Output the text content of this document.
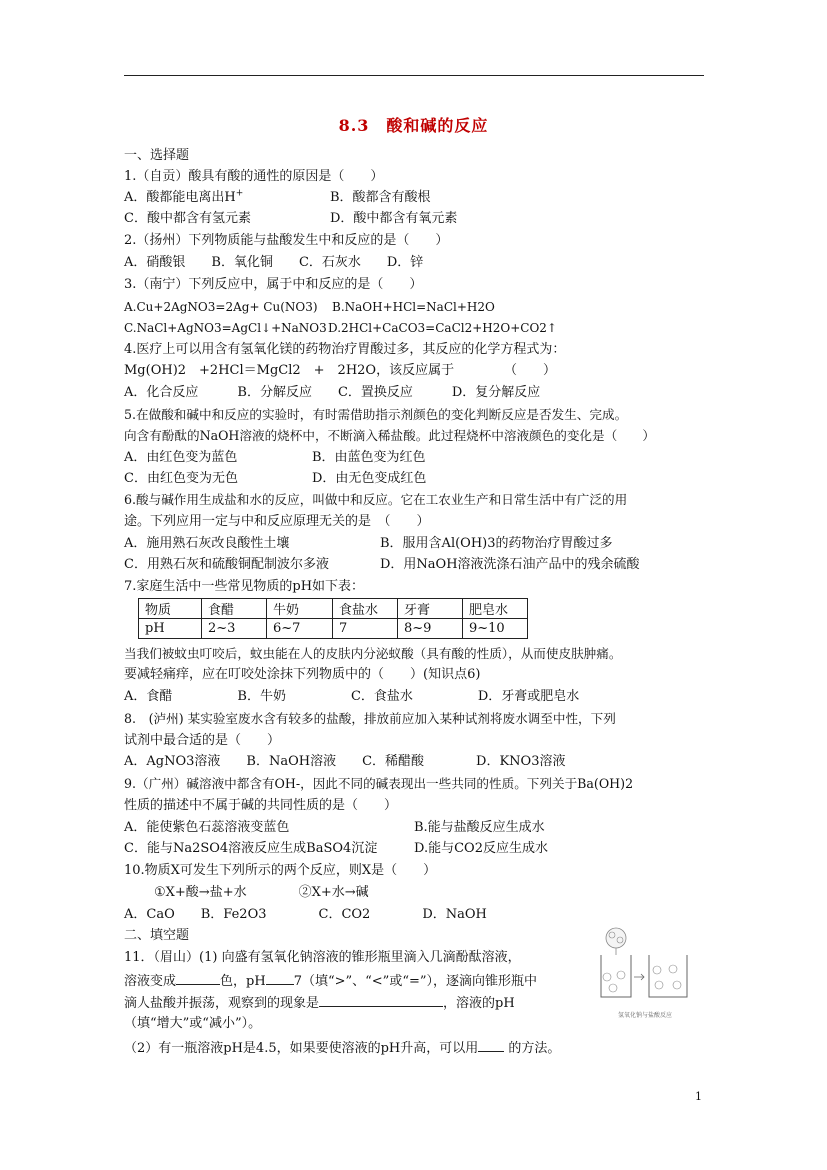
8.3　酸和碱的反应
一、选择题
1.（自贡）酸具有酸的通性的原因是（　　）
A．酸都能电离出H+	B．酸都含有酸根
C．酸中都含有氢元素	D．酸中都含有氧元素
2.（扬州）下列物质能与盐酸发生中和反应的是（　　）
A．硝酸银　　B．氧化铜　　C．石灰水　　D．锌
3.（南宁）下列反应中，属于中和反应的是（　　）
A.Cu+2AgNO3=2Ag+ Cu(NO3) B.NaOH+HCl=NaCl+H2O
C.NaCl+AgNO3=AgCl↓+NaNO3 D.2HCl+CaCO3=CaCl2+H2O+CO2↑
4.医疗上可以用含有氢氧化镁的药物治疗胃酸过多，其反应的化学方程式为：
Mg(OH)2　+2HCl＝MgCl2　+　2H2O，该反应属于	（　　）
A．化合反应　　　B．分解反应　　C．置换反应　　　D．复分解反应
5.在做酸和碱中和反应的实验时，有时需借助指示剂颜色的变化判断反应是否发生、完成。
向含有酚酞的NaOH溶液的烧杯中，不断滴入稀盐酸。此过程烧杯中溶液颜色的变化是（　　）
A．由红色变为蓝色	B．由蓝色变为红色
C．由红色变为无色	D．由无色变成红色
6.酸与碱作用生成盐和水的反应，叫做中和反应。它在工农业生产和日常生活中有广泛的用
途。下列应用一定与中和反应原理无关的是　（　　）
A．施用熟石灰改良酸性土壤	B．服用含Al(OH)3的药物治疗胃酸过多
C．用熟石灰和硫酸铜配制波尔多液	D．用NaOH溶液洗涤石油产品中的残余硫酸
7.家庭生活中一些常见物质的pH如下表：
物质	食醋	牛奶	食盐水	牙膏	肥皂水
pH	2~3	6~7	7	8~9	9~10
当我们被蚊虫叮咬后，蚊虫能在人的皮肤内分泌蚁酸（具有酸的性质），从而使皮肤肿痛。
要减轻痛痒，应在叮咬处涂抹下列物质中的（　　）(知识点6)
A．食醋　　　　　B．牛奶　　　　　C．食盐水　　　　　D．牙膏或肥皂水
8.　(泸州) 某实验室废水含有较多的盐酸，排放前应加入某种试剂将废水调至中性，下列
试剂中最合适的是（　　）
A．AgNO3溶液　　B．NaOH溶液　　C．稀醋酸　　　　D．KNO3溶液
9.（广州）碱溶液中都含有OH-，因此不同的碱表现出一些共同的性质。下列关于Ba(OH)2
性质的描述中不属于碱的共同性质的是（　　）
A．能使紫色石蕊溶液变蓝色	B.能与盐酸反应生成水
C．能与Na2SO4溶液反应生成BaSO4沉淀	D.能与CO2反应生成水
10.物质X可发生下列所示的两个反应，则X是（　　）
①X+酸→盐+水　　　　②X+水→碱
A．CaO　　B．Fe2O3　　　　C．CO2　　　　D．NaOH
二、填空题
11．（眉山）(1) 向盛有氢氧化钠溶液的锥形瓶里滴入几滴酚酞溶液，
溶液变成	色，pH 7（填“>”、“<”或“=”），逐滴向锥形瓶中
滴人盐酸并振荡，观察到的现象是	，溶液的pH
（填“增大”或“减小”）。
（2）有一瓶溶液pH是4.5，如果要使溶液的pH升高，可以用 的方法。
氢氧化钠与盐酸反应
1
